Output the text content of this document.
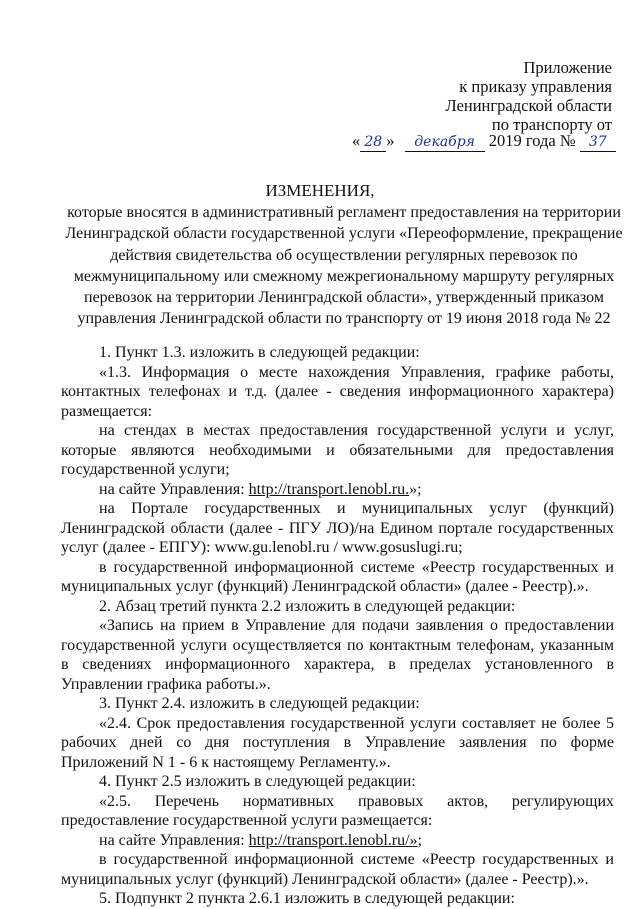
Приложение
к приказу управления
Ленинградской области
по транспорту от
« 28 » декабря 2019 года № 37
ИЗМЕНЕНИЯ,
которые вносятся в административный регламент предоставления на территории Ленинградской области государственной услуги «Переоформление, прекращение действия свидетельства об осуществлении регулярных перевозок по межмуниципальному или смежному межрегиональному маршруту регулярных перевозок на территории Ленинградской области», утвержденный приказом управления Ленинградской области по транспорту от 19 июня 2018 года № 22

1. Пункт 1.3. изложить в следующей редакции:

«1.3. Информация о месте нахождения Управления, графике работы, контактных телефонах и т.д. (далее - сведения информационного характера) размещается:

на стендах в местах предоставления государственной услуги и услуг, которые являются необходимыми и обязательными для предоставления государственной услуги;

на сайте Управления: http://transport.lenobl.ru.»;

на Портале государственных и муниципальных услуг (функций) Ленинградской области (далее - ПГУ ЛО)/на Едином портале государственных услуг (далее - ЕПГУ): www.gu.lenobl.ru / www.gosuslugi.ru;

в государственной информационной системе «Реестр государственных и муниципальных услуг (функций) Ленинградской области» (далее - Реестр).».

2. Абзац третий пункта 2.2 изложить в следующей редакции:

«Запись на прием в Управление для подачи заявления о предоставлении государственной услуги осуществляется по контактным телефонам, указанным в сведениях информационного характера, в пределах установленного в Управлении графика работы.».

3. Пункт 2.4. изложить в следующей редакции:

«2.4. Срок предоставления государственной услуги составляет не более 5 рабочих дней со дня поступления в Управление заявления по форме Приложений N 1 - 6 к настоящему Регламенту.».

4. Пункт 2.5 изложить в следующей редакции:

«2.5. Перечень нормативных правовых актов, регулирующих предоставление государственной услуги размещается:

на сайте Управления: http://transport.lenobl.ru/»;

в государственной информационной системе «Реестр государственных и муниципальных услуг (функций) Ленинградской области» (далее - Реестр).».

5. Подпункт 2 пункта 2.6.1 изложить в следующей редакции:
